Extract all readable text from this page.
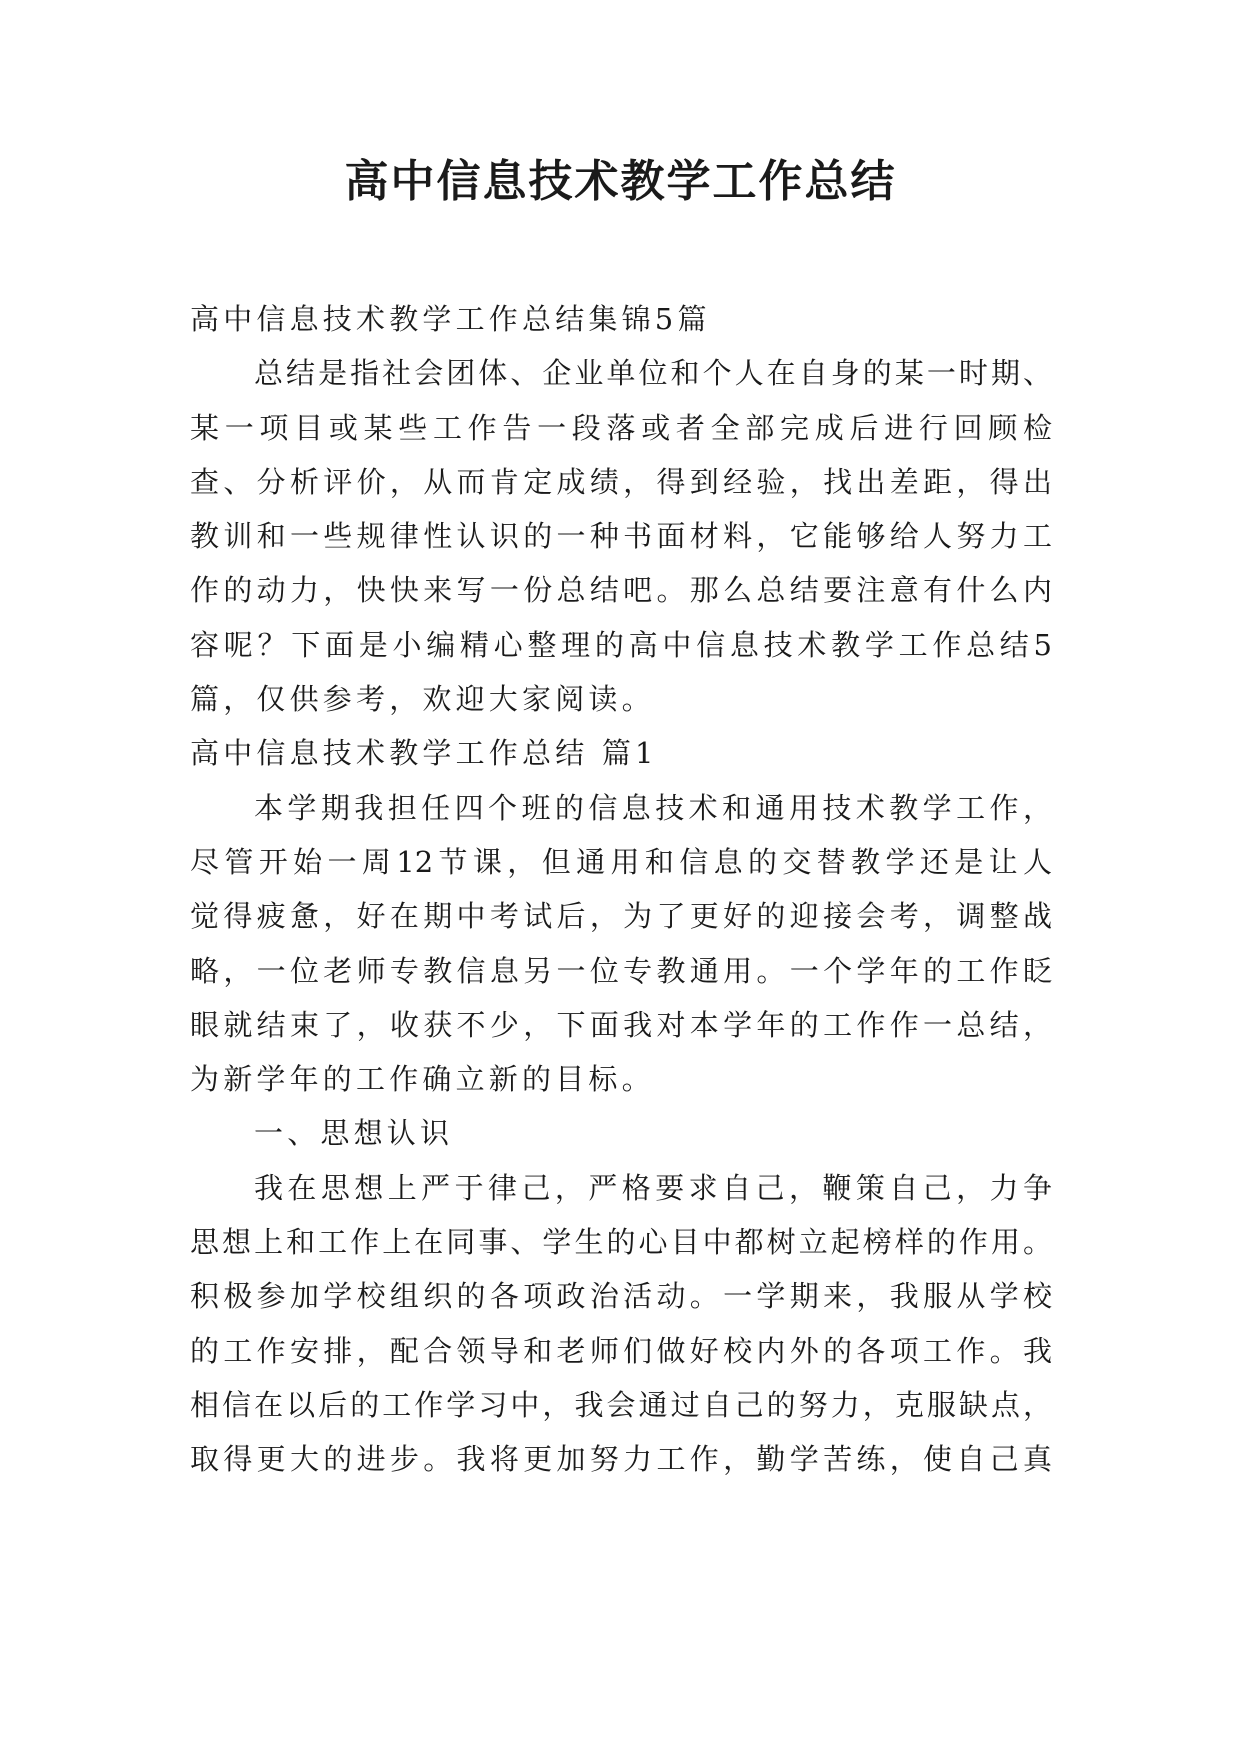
高中信息技术教学工作总结

高中信息技术教学工作总结集锦5篇

总结是指社会团体、企业单位和个人在自身的某一时期、

某一项目或某些工作告一段落或者全部完成后进行回顾检

查、分析评价，从而肯定成绩，得到经验，找出差距，得出

教训和一些规律性认识的一种书面材料，它能够给人努力工

作的动力，快快来写一份总结吧。那么总结要注意有什么内

容呢？下面是小编精心整理的高中信息技术教学工作总结5

篇，仅供参考，欢迎大家阅读。

高中信息技术教学工作总结 篇1

本学期我担任四个班的信息技术和通用技术教学工作，

尽管开始一周12节课，但通用和信息的交替教学还是让人

觉得疲惫，好在期中考试后，为了更好的迎接会考，调整战

略，一位老师专教信息另一位专教通用。一个学年的工作眨

眼就结束了，收获不少，下面我对本学年的工作作一总结，

为新学年的工作确立新的目标。

一、思想认识

我在思想上严于律己，严格要求自己，鞭策自己，力争

思想上和工作上在同事、学生的心目中都树立起榜样的作用。

积极参加学校组织的各项政治活动。一学期来，我服从学校

的工作安排，配合领导和老师们做好校内外的各项工作。我

相信在以后的工作学习中，我会通过自己的努力，克服缺点，

取得更大的进步。我将更加努力工作，勤学苦练，使自己真
